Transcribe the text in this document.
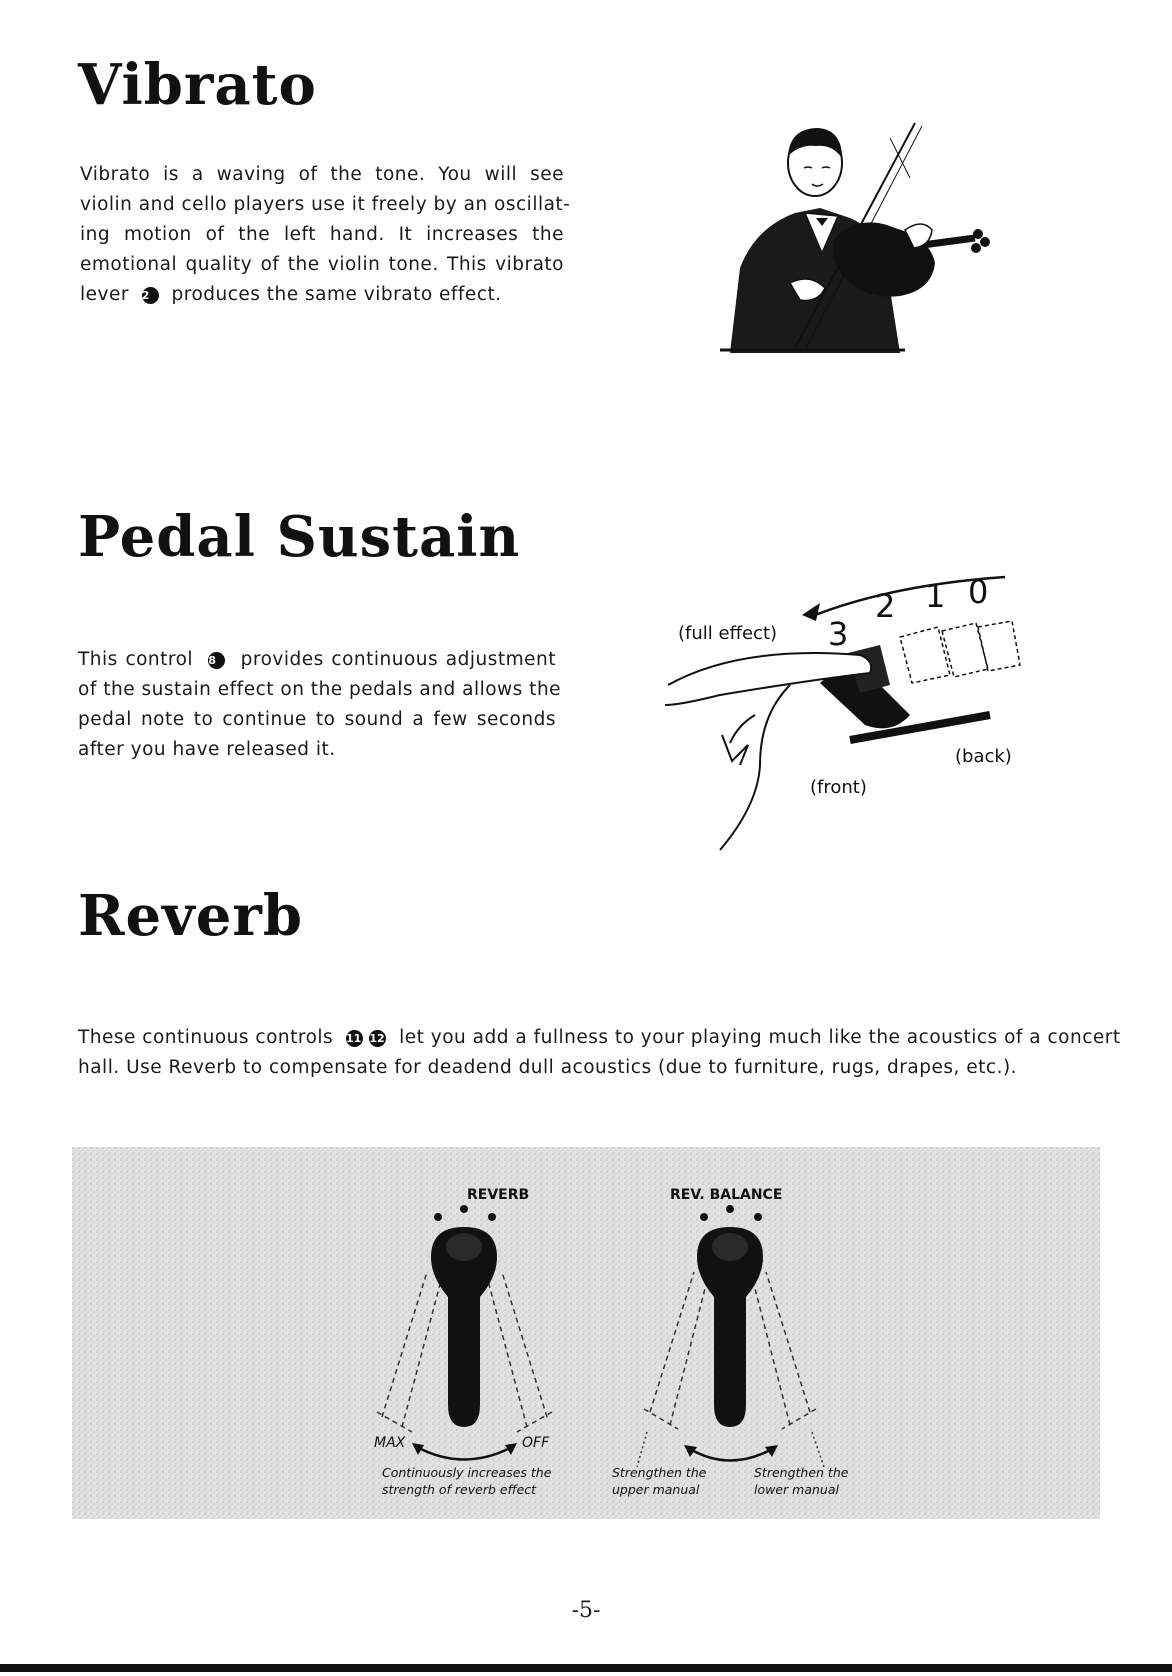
Vibrato
Vibrato is a waving of the tone. You will see
violin and cello players use it freely by an oscillat-
ing motion of the left hand. It increases the
emotional quality of the violin tone. This vibrato
lever 2 produces the same vibrato effect.
Pedal Sustain
This control 8 provides continuous adjustment
of the sustain effect on the pedals and allows the
pedal note to continue to sound a few seconds
after you have released it.
3
2 1 0
(full effect)
(front)
(back)
Reverb
These continuous controls 11 12 let you add a fullness to your playing much like the acoustics of a concert
hall. Use Reverb to compensate for deadend dull acoustics (due to furniture, rugs, drapes, etc.).
REVERB
MAX	OFF
Continuously increases the
strength of reverb effect
REV. BALANCE
Strengthen the
upper manual
Strengthen the
lower manual
-5-
